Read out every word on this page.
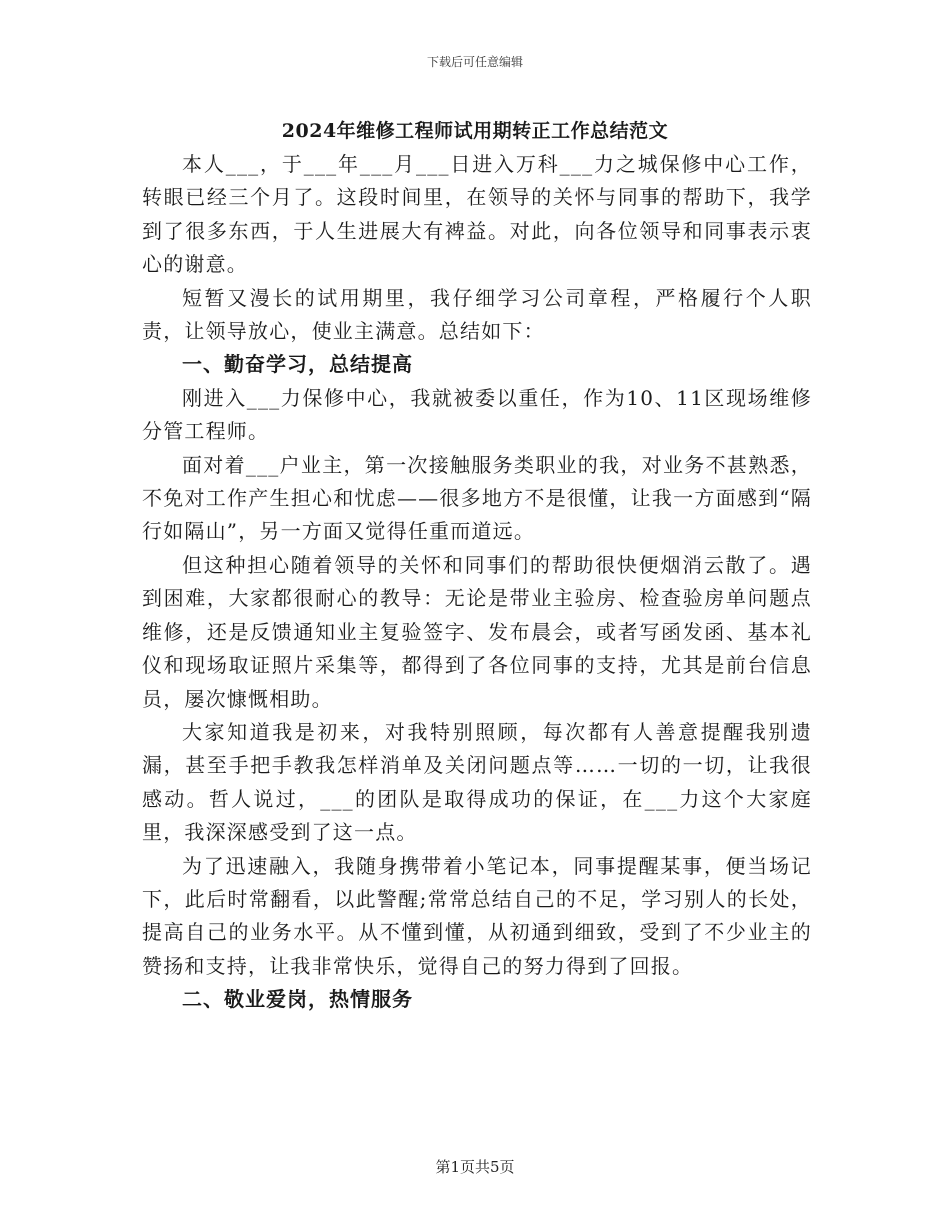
下载后可任意编辑
2024年维修工程师试用期转正工作总结范文

本人___，于___年___月___日进入万科___力之城保修中心工作，转眼已经三个月了。这段时间里，在领导的关怀与同事的帮助下，我学到了很多东西，于人生进展大有裨益。对此，向各位领导和同事表示衷心的谢意。

短暂又漫长的试用期里，我仔细学习公司章程，严格履行个人职责，让领导放心，使业主满意。总结如下：

一、勤奋学习，总结提高

刚进入___力保修中心，我就被委以重任，作为10、11区现场维修分管工程师。

面对着___户业主，第一次接触服务类职业的我，对业务不甚熟悉，不免对工作产生担心和忧虑——很多地方不是很懂，让我一方面感到“隔行如隔山”，另一方面又觉得任重而道远。

但这种担心随着领导的关怀和同事们的帮助很快便烟消云散了。遇到困难，大家都很耐心的教导：无论是带业主验房、检查验房单问题点维修，还是反馈通知业主复验签字、发布晨会，或者写函发函、基本礼仪和现场取证照片采集等，都得到了各位同事的支持，尤其是前台信息员，屡次慷慨相助。

大家知道我是初来，对我特别照顾，每次都有人善意提醒我别遗漏，甚至手把手教我怎样消单及关闭问题点等……一切的一切，让我很感动。哲人说过，___的团队是取得成功的保证，在___力这个大家庭里，我深深感受到了这一点。

为了迅速融入，我随身携带着小笔记本，同事提醒某事，便当场记下，此后时常翻看，以此警醒;常常总结自己的不足，学习别人的长处，提高自己的业务水平。从不懂到懂，从初通到细致，受到了不少业主的赞扬和支持，让我非常快乐，觉得自己的努力得到了回报。

二、敬业爱岗，热情服务

第1页共5页
